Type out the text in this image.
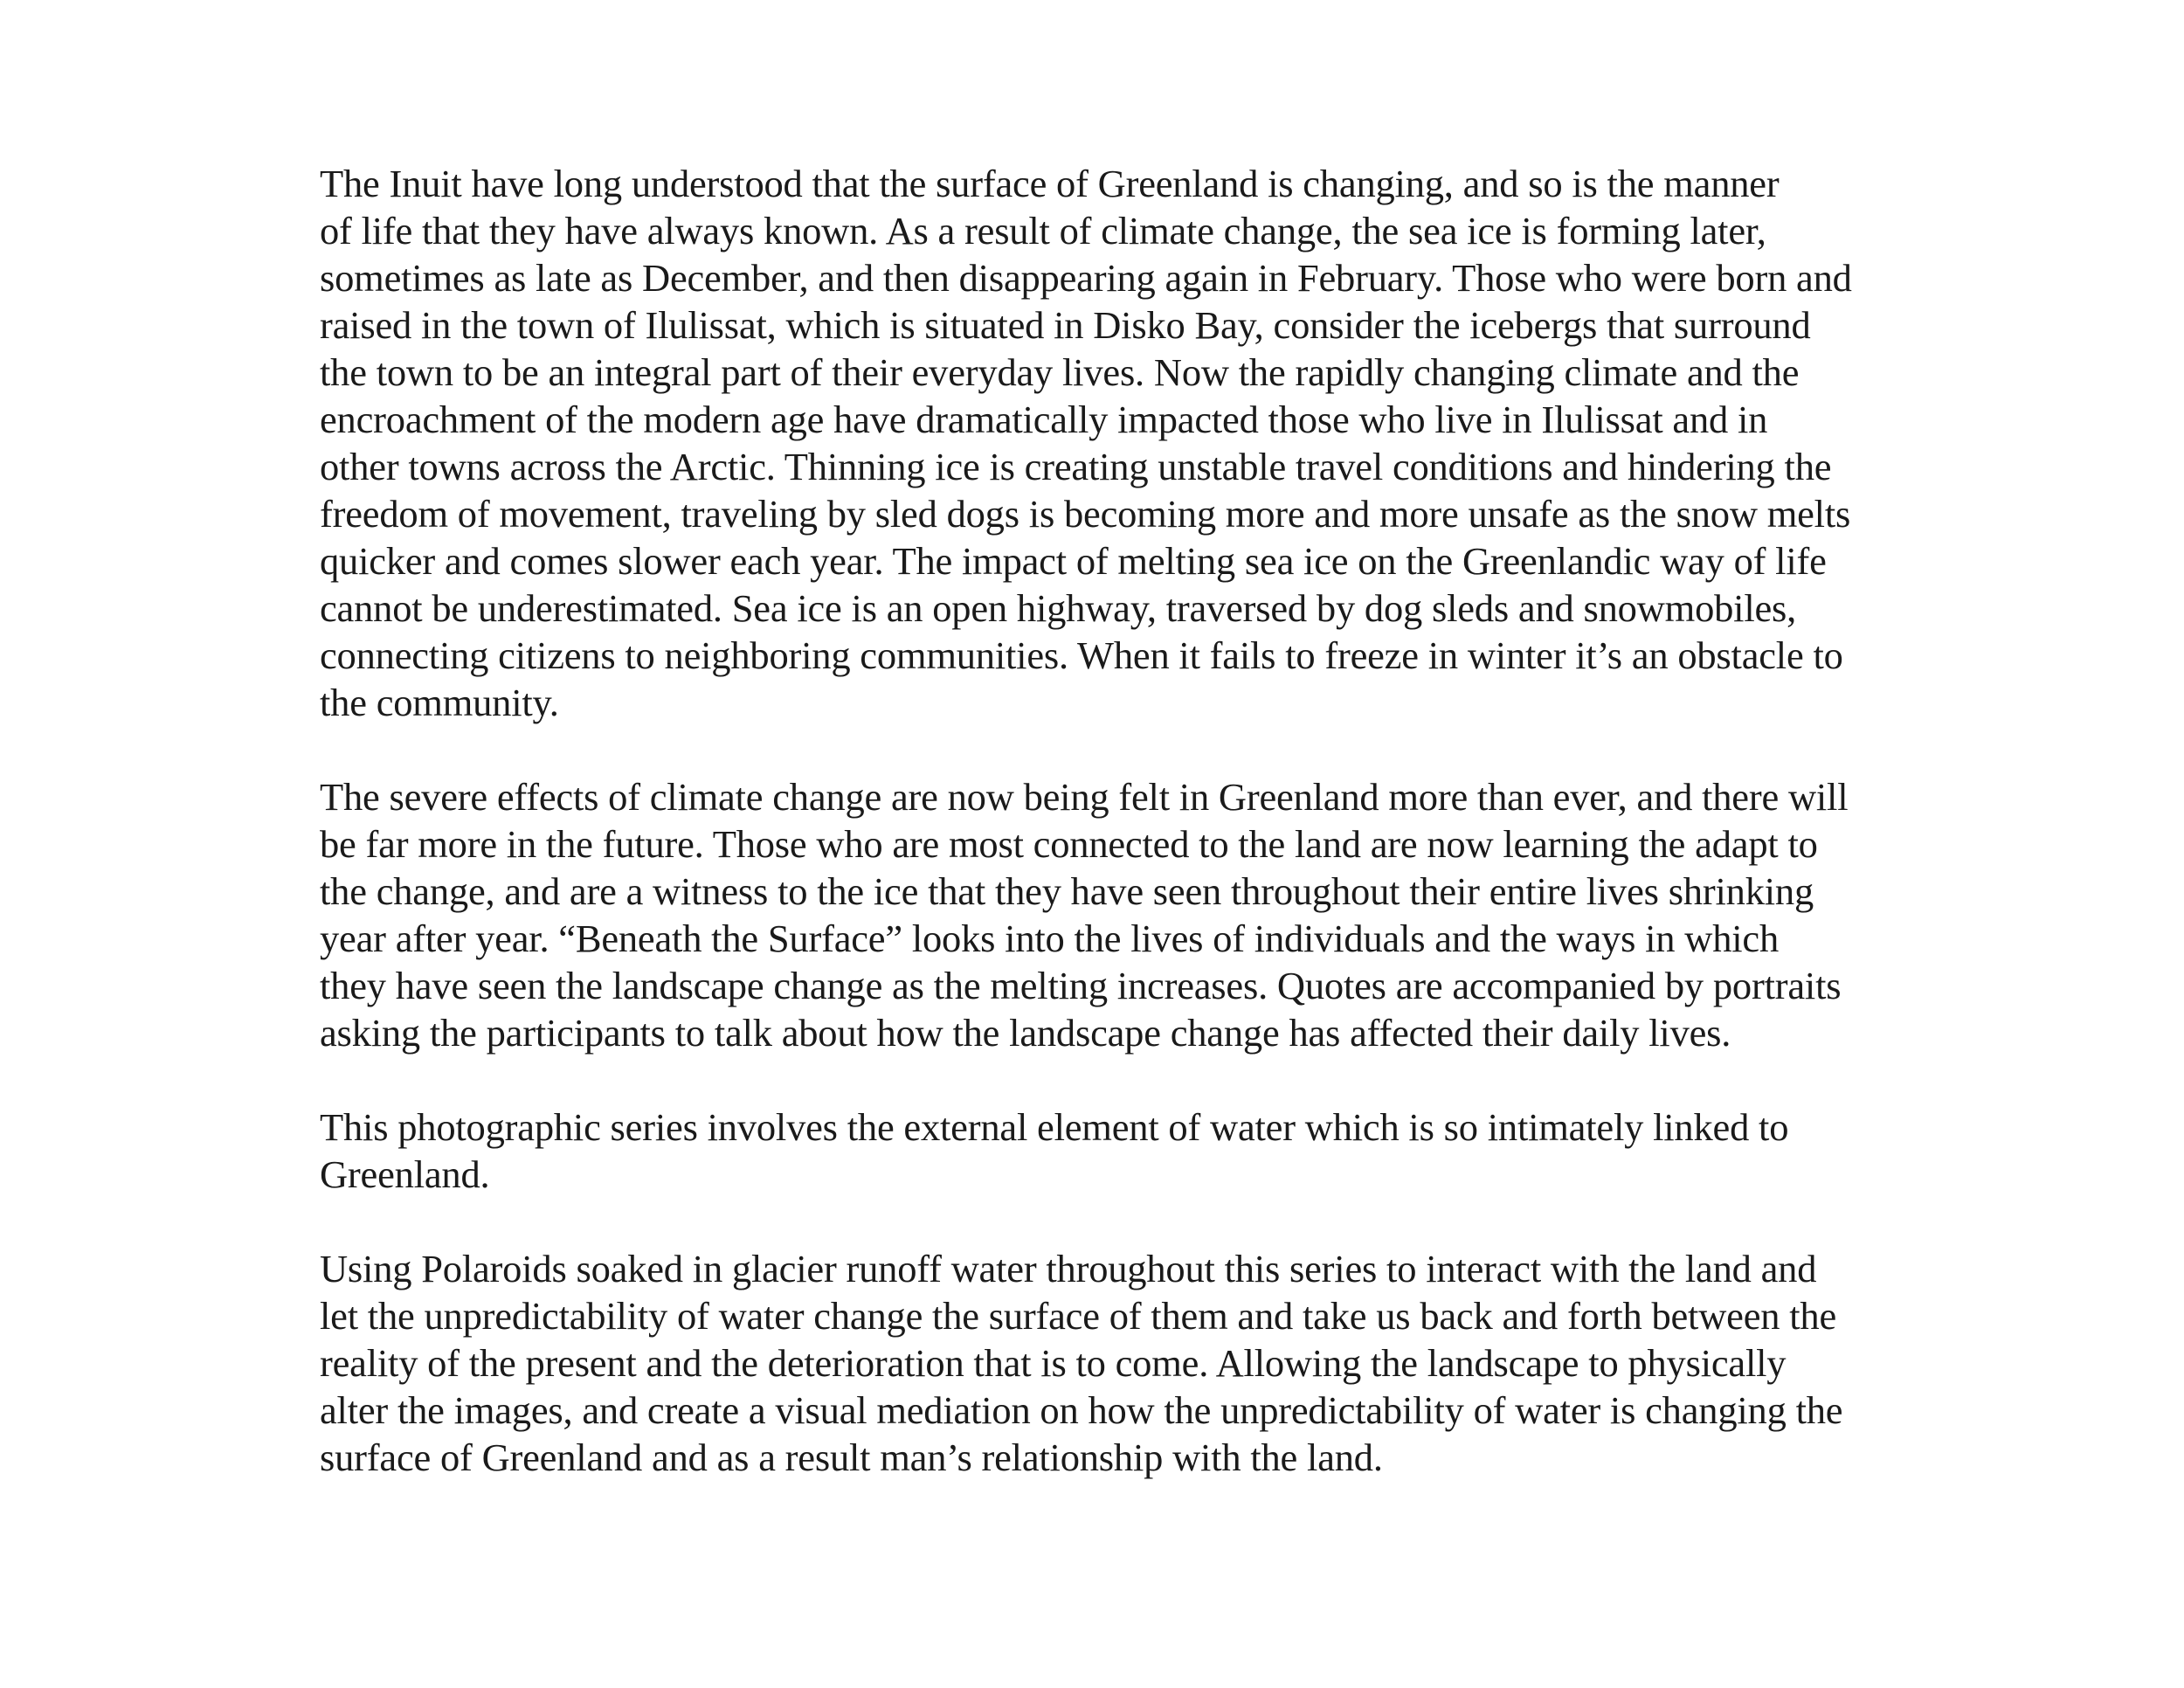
The Inuit have long understood that the surface of Greenland is changing, and so is the manner
of life that they have always known. As a result of climate change, the sea ice is forming later,
sometimes as late as December, and then disappearing again in February. Those who were born and
raised in the town of Ilulissat, which is situated in Disko Bay, consider the icebergs that surround
the town to be an integral part of their everyday lives. Now the rapidly changing climate and the
encroachment of the modern age have dramatically impacted those who live in Ilulissat and in
other towns across the Arctic. Thinning ice is creating unstable travel conditions and hindering the
freedom of movement, traveling by sled dogs is becoming more and more unsafe as the snow melts
quicker and comes slower each year. The impact of melting sea ice on the Greenlandic way of life
cannot be underestimated. Sea ice is an open highway, traversed by dog sleds and snowmobiles,
connecting citizens to neighboring communities. When it fails to freeze in winter it’s an obstacle to
the community.
The severe effects of climate change are now being felt in Greenland more than ever, and there will
be far more in the future. Those who are most connected to the land are now learning the adapt to
the change, and are a witness to the ice that they have seen throughout their entire lives shrinking
year after year. “Beneath the Surface” looks into the lives of individuals and the ways in which
they have seen the landscape change as the melting increases. Quotes are accompanied by portraits
asking the participants to talk about how the landscape change has affected their daily lives.
This photographic series involves the external element of water which is so intimately linked to
Greenland.
Using Polaroids soaked in glacier runoff water throughout this series to interact with the land and
let the unpredictability of water change the surface of them and take us back and forth between the
reality of the present and the deterioration that is to come. Allowing the landscape to physically
alter the images, and create a visual mediation on how the unpredictability of water is changing the
surface of Greenland and as a result man’s relationship with the land.
